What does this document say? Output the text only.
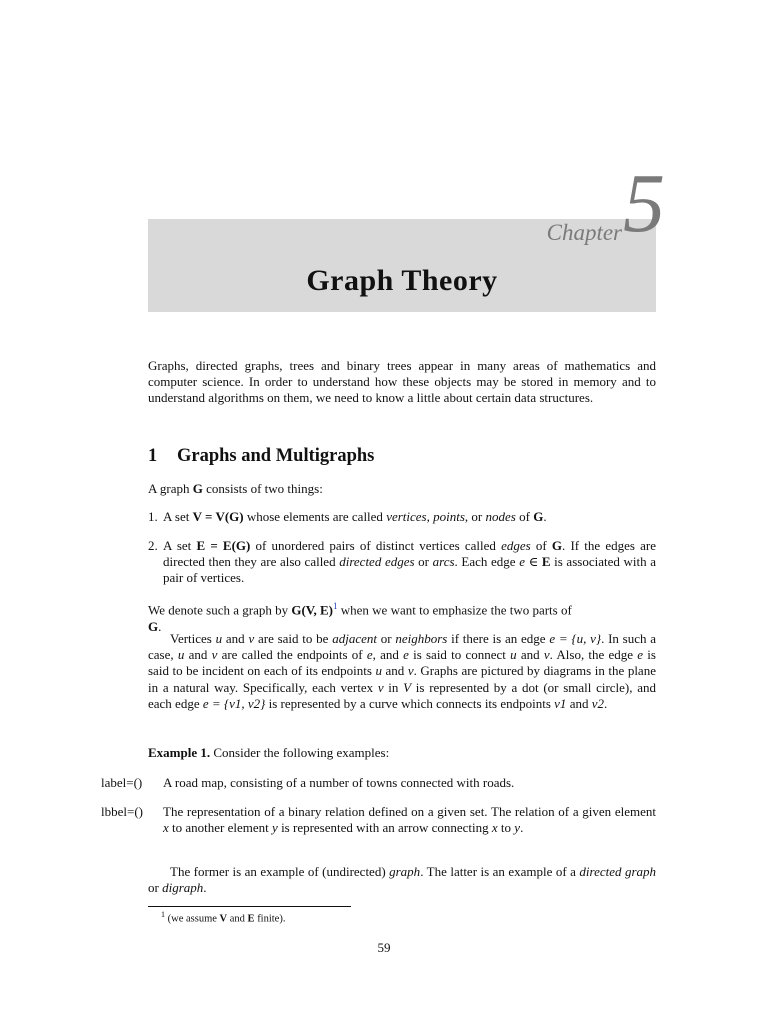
Chapter 5
Graph Theory
Graphs, directed graphs, trees and binary trees appear in many areas of mathematics and computer science. In order to understand how these objects may be stored in memory and to understand algorithms on them, we need to know a little about certain data structures.
1 Graphs and Multigraphs
A graph G consists of two things:
1. A set V = V(G) whose elements are called vertices, points, or nodes of G.
2. A set E = E(G) of unordered pairs of distinct vertices called edges of G. If the edges are directed then they are also called directed edges or arcs. Each edge e ∈ E is associated with a pair of vertices.
We denote such a graph by G(V, E)$^1$ when we want to emphasize the two parts of
G.
Vertices u and v are said to be adjacent or neighbors if there is an edge e = {u, v}. In such a case, u and v are called the endpoints of e, and e is said to connect u and v. Also, the edge e is said to be incident on each of its endpoints u and v. Graphs are pictured by diagrams in the plane in a natural way. Specifically, each vertex v in V is represented by a dot (or small circle), and each edge e = {v1, v2} is represented by a curve which connects its endpoints v1 and v2.
Example 1. Consider the following examples:
label=() A road map, consisting of a number of towns connected with roads.
lbbel=() The representation of a binary relation defined on a given set. The relation of a given element x to another element y is represented with an arrow connecting x to y.
The former is an example of (undirected) graph. The latter is an example of a directed graph or digraph.
$^1$ (we assume V and E finite).
59
